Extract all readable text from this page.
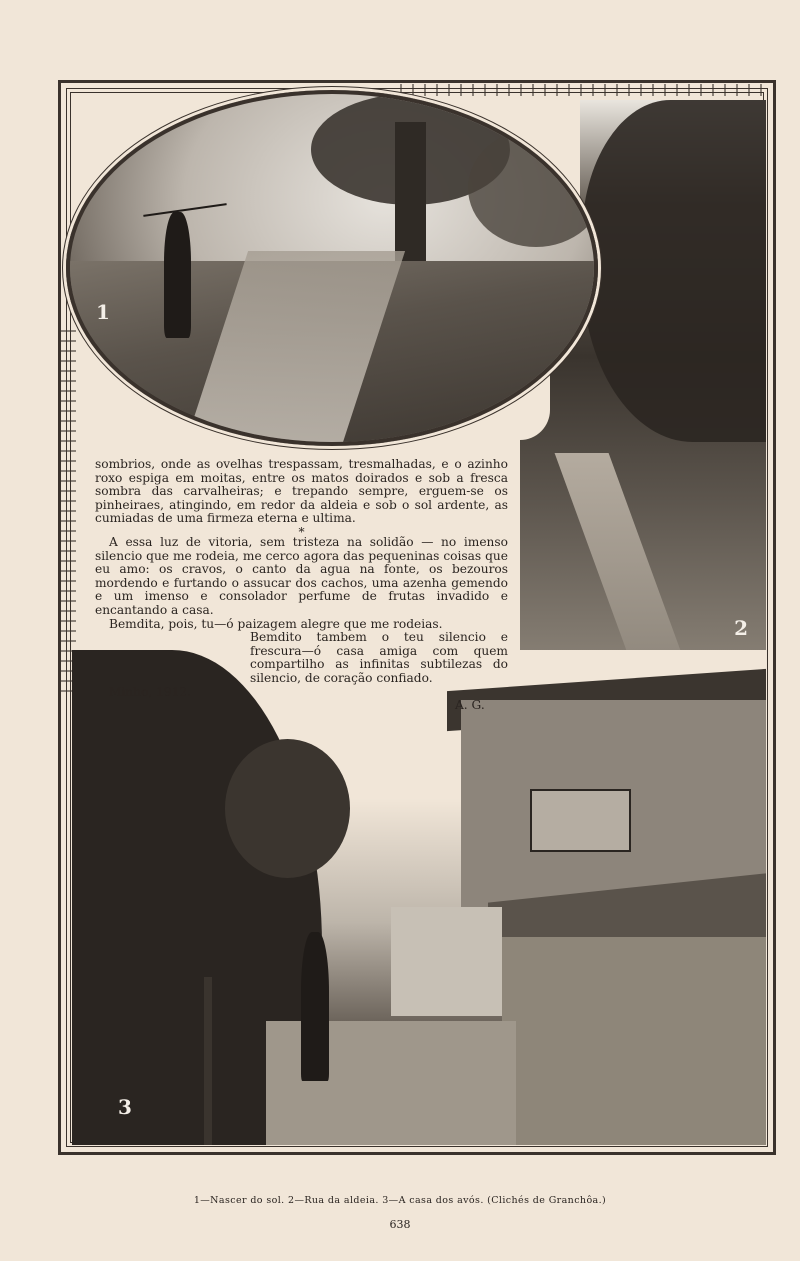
2
3
1

sombrios, onde as ovelhas trespassam, tresmalhadas, e o azinho roxo espiga em moitas, entre os matos doirados e sob a fresca sombra das carvalheiras; e trepando sempre, erguem-se os pinheiraes, atingindo, em redor da aldeia e sob o sol ardente, as cumiadas de uma firmeza eterna e ultima.

*

A essa luz de vitoria, sem tristeza na solidão — no imenso silencio que me rodeia, me cerco agora das pequeninas coisas que eu amo: os cravos, o canto da agua na fonte, os bezouros mordendo e furtando o assucar dos cachos, uma azenha gemendo e um imenso e consolador perfume de frutas invadido e encantando a casa.

Bemdita, pois, tu—ó paizagem alegre que me rodeias.

Bemdito tambem o teu silencio e frescura—ó casa amiga com quem compartilho as infinitas subtilezas do silencio, de coração confiado.

Minho, 1912.

A. G.

1—Nascer do sol. 2—Rua da aldeia. 3—A casa dos avós. (Clichés de Granchôa.)
638
